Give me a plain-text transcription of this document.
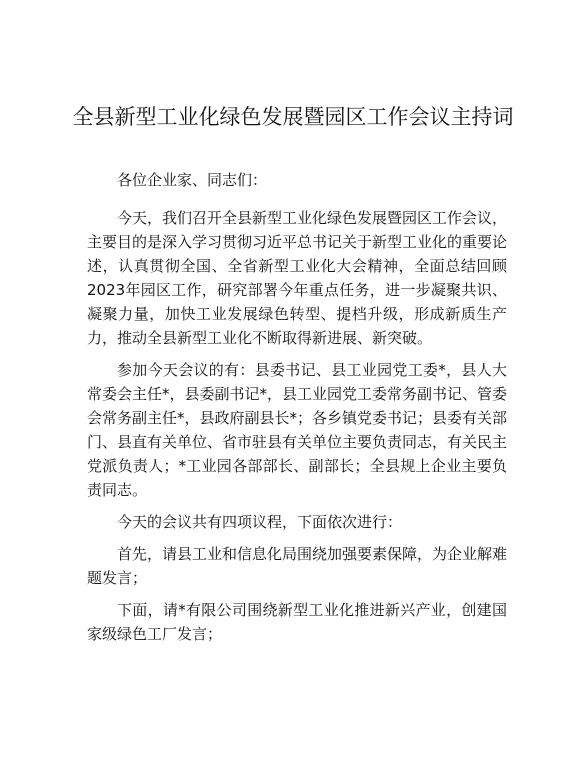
全县新型工业化绿色发展暨园区工作会议主持词

各位企业家、同志们：

今天，我们召开全县新型工业化绿色发展暨园区工作会议，主要目的是深入学习贯彻习近平总书记关于新型工业化的重要论述，认真贯彻全国、全省新型工业化大会精神，全面总结回顾2023年园区工作，研究部署今年重点任务，进一步凝聚共识、凝聚力量，加快工业发展绿色转型、提档升级，形成新质生产力，推动全县新型工业化不断取得新进展、新突破。

参加今天会议的有：县委书记、县工业园党工委*，县人大常委会主任*，县委副书记*，县工业园党工委常务副书记、管委会常务副主任*，县政府副县长*；各乡镇党委书记；县委有关部门、县直有关单位、省市驻县有关单位主要负责同志，有关民主党派负责人；*工业园各部部长、副部长；全县规上企业主要负责同志。

今天的会议共有四项议程，下面依次进行：

首先，请县工业和信息化局围绕加强要素保障，为企业解难题发言；

下面，请*有限公司围绕新型工业化推进新兴产业，创建国家级绿色工厂发言；
